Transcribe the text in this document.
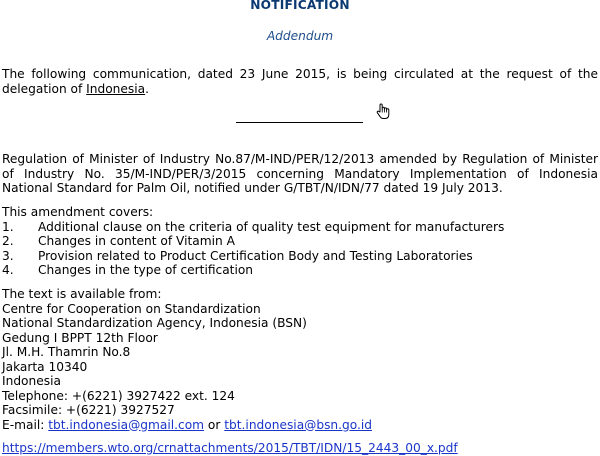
NOTIFICATION
Addendum
The following communication, dated 23 June 2015, is being circulated at the request of the delegation of Indonesia.
Regulation of Minister of Industry No.87/M-IND/PER/12/2013 amended by Regulation of Minister of Industry No. 35/M-IND/PER/3/2015 concerning Mandatory Implementation of Indonesia National Standard for Palm Oil, notified under G/TBT/N/IDN/77 dated 19 July 2013.
This amendment covers:
1.	Additional clause on the criteria of quality test equipment for manufacturers
2.	Changes in content of Vitamin A
3.	Provision related to Product Certification Body and Testing Laboratories
4.	Changes in the type of certification
The text is available from:
Centre for Cooperation on Standardization
National Standardization Agency, Indonesia (BSN)
Gedung I BPPT 12th Floor
Jl. M.H. Thamrin No.8
Jakarta 10340
Indonesia
Telephone: +(6221) 3927422 ext. 124
Facsimile: +(6221) 3927527
E-mail: tbt.indonesia@gmail.com or tbt.indonesia@bsn.go.id
https://members.wto.org/crnattachments/2015/TBT/IDN/15_2443_00_x.pdf
